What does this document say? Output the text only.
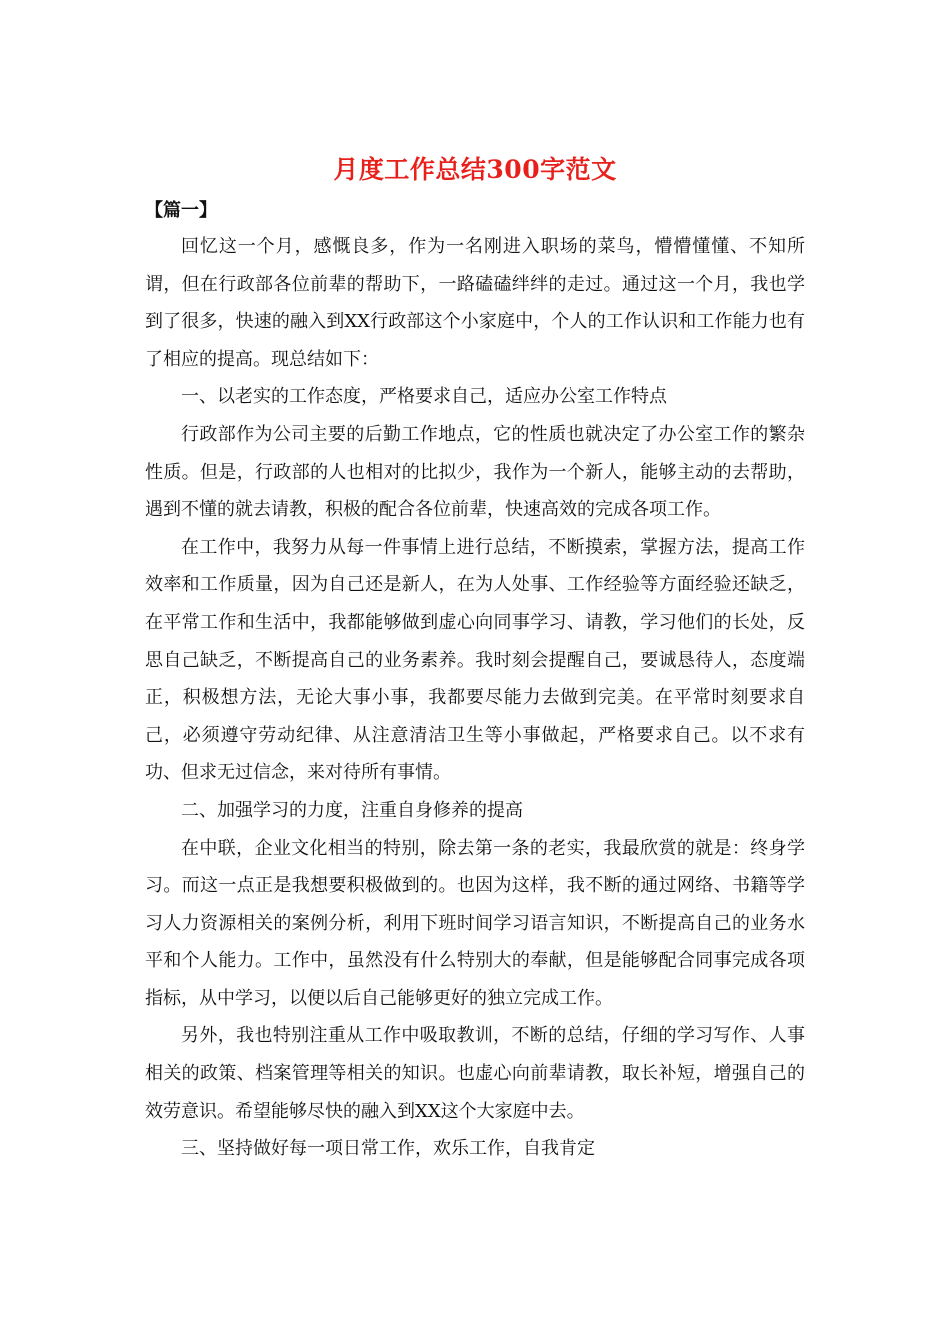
月度工作总结300字范文
【篇一】

回忆这一个月，感慨良多，作为一名刚进入职场的菜鸟，懵懵懂懂、不知所谓，但在行政部各位前辈的帮助下，一路磕磕绊绊的走过。通过这一个月，我也学到了很多，快速的融入到XX行政部这个小家庭中，个人的工作认识和工作能力也有了相应的提高。现总结如下：

一、以老实的工作态度，严格要求自己，适应办公室工作特点

行政部作为公司主要的后勤工作地点，它的性质也就决定了办公室工作的繁杂性质。但是，行政部的人也相对的比拟少，我作为一个新人，能够主动的去帮助，遇到不懂的就去请教，积极的配合各位前辈，快速高效的完成各项工作。

在工作中，我努力从每一件事情上进行总结，不断摸索，掌握方法，提高工作效率和工作质量，因为自己还是新人，在为人处事、工作经验等方面经验还缺乏，在平常工作和生活中，我都能够做到虚心向同事学习、请教，学习他们的长处，反思自己缺乏，不断提高自己的业务素养。我时刻会提醒自己，要诚恳待人，态度端正，积极想方法，无论大事小事，我都要尽能力去做到完美。在平常时刻要求自己，必须遵守劳动纪律、从注意清洁卫生等小事做起，严格要求自己。以不求有功、但求无过信念，来对待所有事情。

二、加强学习的力度，注重自身修养的提高

在中联，企业文化相当的特别，除去第一条的老实，我最欣赏的就是：终身学习。而这一点正是我想要积极做到的。也因为这样，我不断的通过网络、书籍等学习人力资源相关的案例分析，利用下班时间学习语言知识，不断提高自己的业务水平和个人能力。工作中，虽然没有什么特别大的奉献，但是能够配合同事完成各项指标，从中学习，以便以后自己能够更好的独立完成工作。

另外，我也特别注重从工作中吸取教训，不断的总结，仔细的学习写作、人事相关的政策、档案管理等相关的知识。也虚心向前辈请教，取长补短，增强自己的效劳意识。希望能够尽快的融入到XX这个大家庭中去。

三、坚持做好每一项日常工作，欢乐工作，自我肯定
